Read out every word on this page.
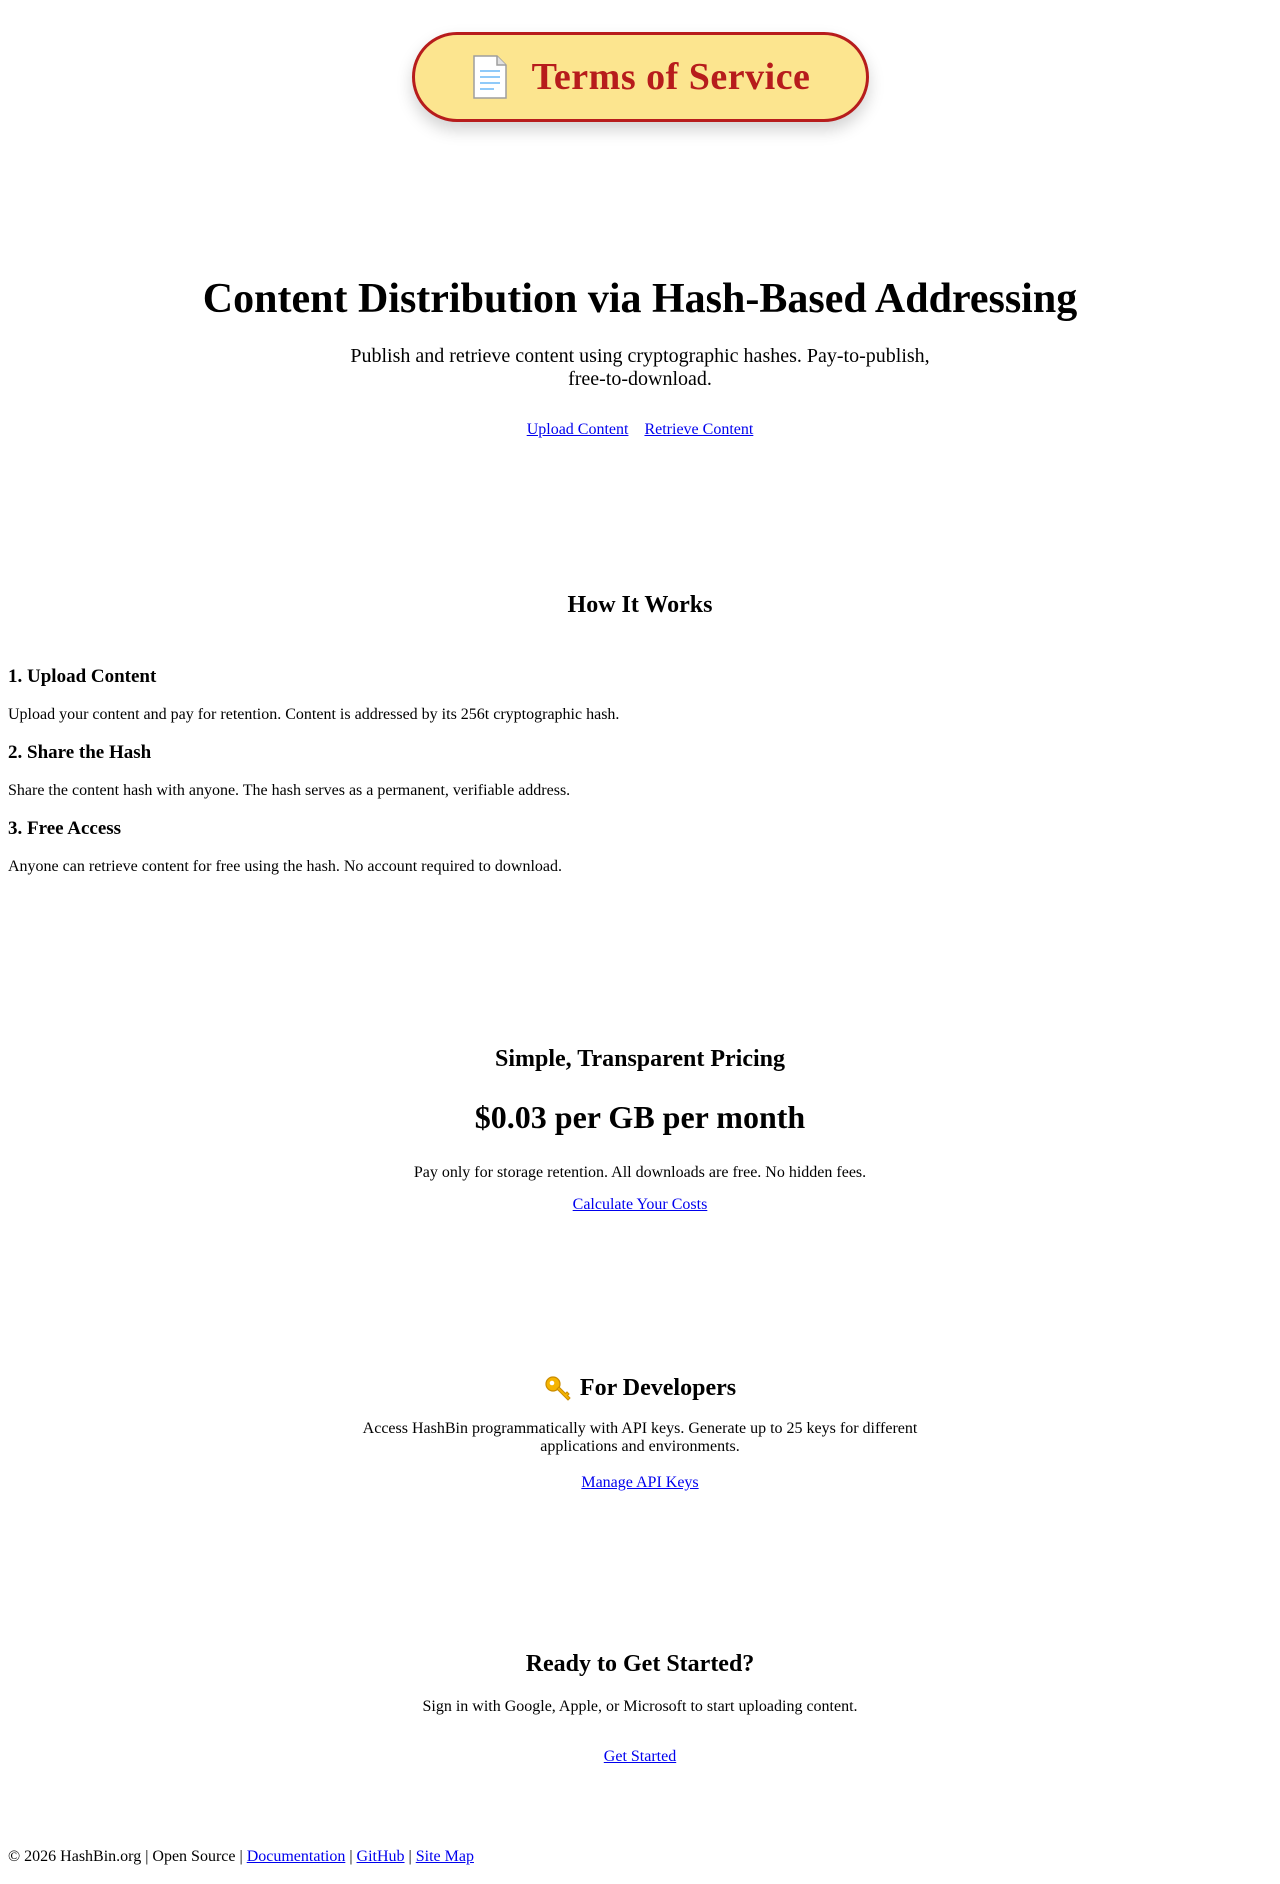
Terms of Service
Content Distribution via Hash-Based Addressing
Publish and retrieve content using cryptographic hashes. Pay-to-publish, free-to-download.
Upload Content Retrieve Content
How It Works
1. Upload Content

Upload your content and pay for retention. Content is addressed by its 256t cryptographic hash.

2. Share the Hash

Share the content hash with anyone. The hash serves as a permanent, verifiable address.

3. Free Access

Anyone can retrieve content for free using the hash. No account required to download.

Simple, Transparent Pricing
$0.03 per GB per month

Pay only for storage retention. All downloads are free. No hidden fees.

Calculate Your Costs

For Developers

Access HashBin programmatically with API keys. Generate up to 25 keys for different applications and environments.

Manage API Keys

Ready to Get Started?

Sign in with Google, Apple, or Microsoft to start uploading content.

Get Started

© 2026 HashBin.org | Open Source | Documentation | GitHub | Site Map
